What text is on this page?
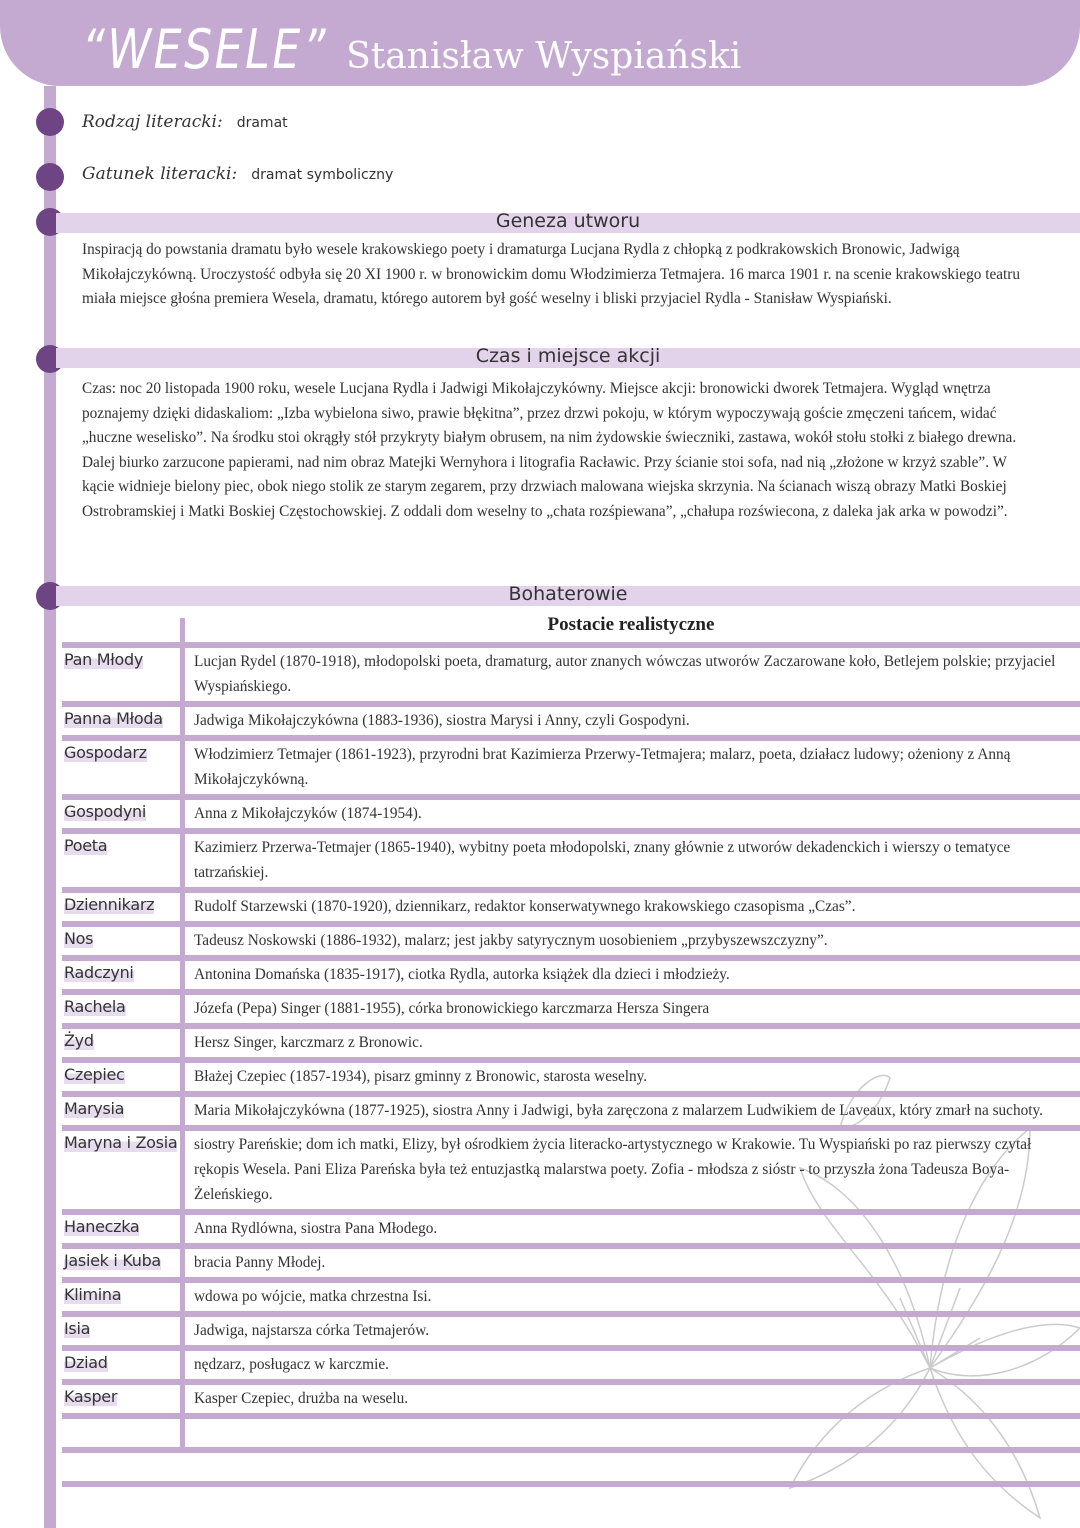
“WESELE” Stanisław Wyspiański
Rodzaj literacki: dramat
Gatunek literacki: dramat symboliczny
Geneza utworu
Inspiracją do powstania dramatu było wesele krakowskiego poety i dramaturga Lucjana Rydla z chłopką z podkrakowskich Bronowic, Jadwigą Mikołajczykówną. Uroczystość odbyła się 20 XI 1900 r. w bronowickim domu Włodzimierza Tetmajera. 16 marca 1901 r. na scenie krakowskiego teatru miała miejsce głośna premiera Wesela, dramatu, którego autorem był gość weselny i bliski przyjaciel Rydla - Stanisław Wyspiański.
Czas i miejsce akcji
Czas: noc 20 listopada 1900 roku, wesele Lucjana Rydla i Jadwigi Mikołajczykówny. Miejsce akcji: bronowicki dworek Tetmajera. Wygląd wnętrza poznajemy dzięki didaskaliom: „Izba wybielona siwo, prawie błękitna”, przez drzwi pokoju, w którym wypoczywają goście zmęczeni tańcem, widać „huczne weselisko”. Na środku stoi okrągły stół przykryty białym obrusem, na nim żydowskie świeczniki, zastawa, wokół stołu stołki z białego drewna. Dalej biurko zarzucone papierami, nad nim obraz Matejki Wernyhora i litografia Racławic. Przy ścianie stoi sofa, nad nią „złożone w krzyż szable”. W kącie widnieje bielony piec, obok niego stolik ze starym zegarem, przy drzwiach malowana wiejska skrzynia. Na ścianach wiszą obrazy Matki Boskiej Ostrobramskiej i Matki Boskiej Częstochowskiej. Z oddali dom weselny to „chata rozśpiewana”, „chałupa rozświecona, z daleka jak arka w powodzi”.
Bohaterowie
Postacie realistyczne
Pan Młody	Lucjan Rydel (1870-1918), młodopolski poeta, dramaturg, autor znanych wówczas utworów Zaczarowane koło, Betlejem polskie; przyjaciel Wyspiańskiego.
Panna Młoda	Jadwiga Mikołajczykówna (1883-1936), siostra Marysi i Anny, czyli Gospodyni.
Gospodarz	Włodzimierz Tetmajer (1861-1923), przyrodni brat Kazimierza Przerwy-Tetmajera; malarz, poeta, działacz ludowy; ożeniony z Anną Mikołajczykówną.
Gospodyni	Anna z Mikołajczyków (1874-1954).
Poeta	Kazimierz Przerwa-Tetmajer (1865-1940), wybitny poeta młodopolski, znany głównie z utworów dekadenckich i wierszy o tematyce tatrzańskiej.
Dziennikarz	Rudolf Starzewski (1870-1920), dziennikarz, redaktor konserwatywnego krakowskiego czasopisma „Czas”.
Nos	Tadeusz Noskowski (1886-1932), malarz; jest jakby satyrycznym uosobieniem „przybyszewszczyzny”.
Radczyni	Antonina Domańska (1835-1917), ciotka Rydla, autorka książek dla dzieci i młodzieży.
Rachela	Józefa (Pepa) Singer (1881-1955), córka bronowickiego karczmarza Hersza Singera
Żyd	Hersz Singer, karczmarz z Bronowic.
Czepiec	Błażej Czepiec (1857-1934), pisarz gminny z Bronowic, starosta weselny.
Marysia	Maria Mikołajczykówna (1877-1925), siostra Anny i Jadwigi, była zaręczona z malarzem Ludwikiem de Laveaux, który zmarł na suchoty.
Maryna i Zosia	siostry Pareńskie; dom ich matki, Elizy, był ośrodkiem życia literacko-artystycznego w Krakowie. Tu Wyspiański po raz pierwszy czytał rękopis Wesela. Pani Eliza Pareńska była też entuzjastką malarstwa poety. Zofia - młodsza z sióstr - to przyszła żona Tadeusza Boya-Żeleńskiego.
Haneczka	Anna Rydlówna, siostra Pana Młodego.
Jasiek i Kuba	bracia Panny Młodej.
Klimina	wdowa po wójcie, matka chrzestna Isi.
Isia	Jadwiga, najstarsza córka Tetmajerów.
Dziad	nędzarz, posługacz w karczmie.
Kasper	Kasper Czepiec, drużba na weselu.
